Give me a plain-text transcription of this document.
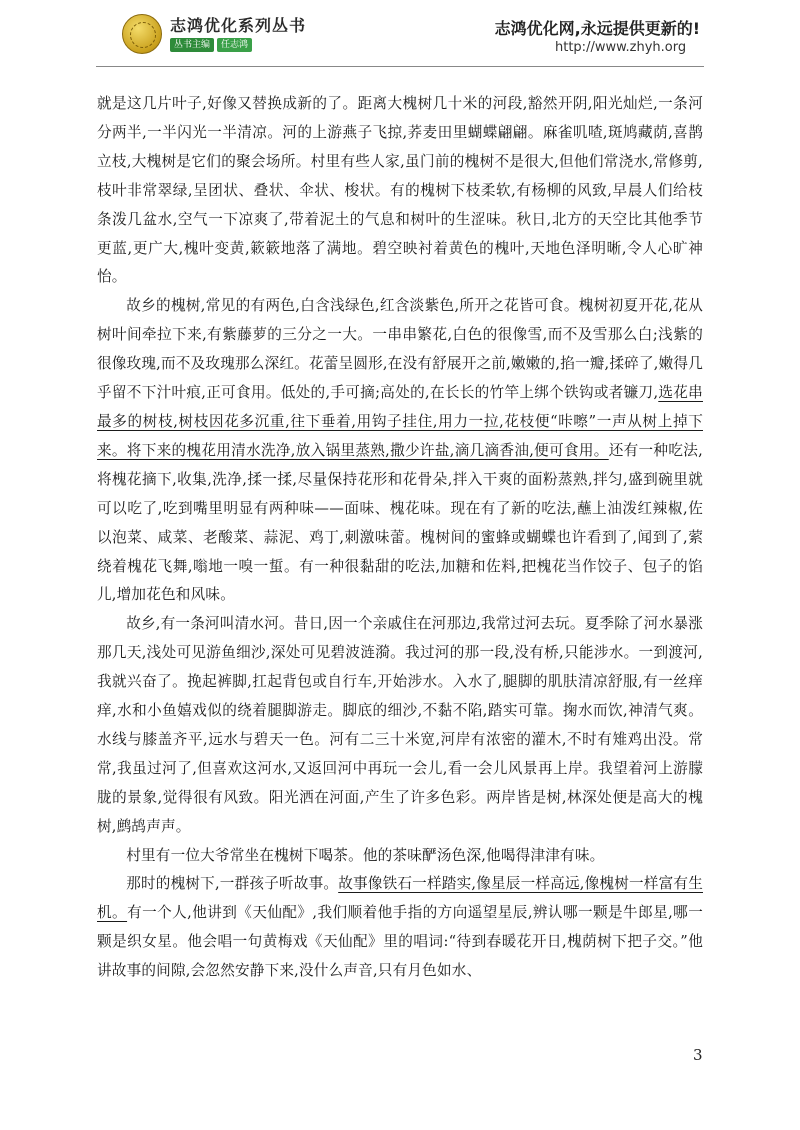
志鸿优化系列丛书
丛书主编	任志鸿
志鸿优化网,永远提供更新的!
http://www.zhyh.org

就是这几片叶子,好像又替换成新的了。距离大槐树几十米的河段,豁然开阴,阳光灿烂,一条河分两半,一半闪光一半清凉。河的上游燕子飞掠,荞麦田里蝴蝶翩翩。麻雀叽喳,斑鸠藏荫,喜鹊立枝,大槐树是它们的聚会场所。村里有些人家,虽门前的槐树不是很大,但他们常浇水,常修剪,枝叶非常翠绿,呈团状、叠状、伞状、梭状。有的槐树下枝柔软,有杨柳的风致,早晨人们给枝条泼几盆水,空气一下凉爽了,带着泥土的气息和树叶的生涩味。秋日,北方的天空比其他季节更蓝,更广大,槐叶变黄,簌簌地落了满地。碧空映衬着黄色的槐叶,天地色泽明晰,令人心旷神怡。

故乡的槐树,常见的有两色,白含浅绿色,红含淡紫色,所开之花皆可食。槐树初夏开花,花从树叶间牵拉下来,有紫藤萝的三分之一大。一串串繁花,白色的很像雪,而不及雪那么白;浅紫的很像玫瑰,而不及玫瑰那么深红。花蕾呈圆形,在没有舒展开之前,嫩嫩的,掐一瓣,揉碎了,嫩得几乎留不下汁叶痕,正可食用。低处的,手可摘;高处的,在长长的竹竿上绑个铁钩或者镰刀,选花串最多的树枝,树枝因花多沉重,往下垂着,用钩子挂住,用力一拉,花枝便“咔嚓”一声从树上掉下来。将下来的槐花用清水洗净,放入锅里蒸熟,撒少许盐,滴几滴香油,便可食用。还有一种吃法,将槐花摘下,收集,洗净,揉一揉,尽量保持花形和花骨朵,拌入干爽的面粉蒸熟,拌匀,盛到碗里就可以吃了,吃到嘴里明显有两种味——面味、槐花味。现在有了新的吃法,蘸上油泼红辣椒,佐以泡菜、咸菜、老酸菜、蒜泥、鸡丁,刺激味蕾。槐树间的蜜蜂或蝴蝶也许看到了,闻到了,萦绕着槐花飞舞,嗡地一嗅一蜇。有一种很黏甜的吃法,加糖和佐料,把槐花当作饺子、包子的馅儿,增加花色和风味。

故乡,有一条河叫清水河。昔日,因一个亲戚住在河那边,我常过河去玩。夏季除了河水暴涨那几天,浅处可见游鱼细沙,深处可见碧波涟漪。我过河的那一段,没有桥,只能涉水。一到渡河,我就兴奋了。挽起裤脚,扛起背包或自行车,开始涉水。入水了,腿脚的肌肤清凉舒服,有一丝痒痒,水和小鱼嬉戏似的绕着腿脚游走。脚底的细沙,不黏不陷,踏实可靠。掬水而饮,神清气爽。水线与膝盖齐平,远水与碧天一色。河有二三十米宽,河岸有浓密的灌木,不时有雉鸡出没。常常,我虽过河了,但喜欢这河水,又返回河中再玩一会儿,看一会儿风景再上岸。我望着河上游朦胧的景象,觉得很有风致。阳光洒在河面,产生了许多色彩。两岸皆是树,林深处便是高大的槐树,鹧鸪声声。

村里有一位大爷常坐在槐树下喝茶。他的茶味酽汤色深,他喝得津津有味。

那时的槐树下,一群孩子听故事。故事像铁石一样踏实,像星辰一样高远,像槐树一样富有生机。有一个人,他讲到《天仙配》,我们顺着他手指的方向遥望星辰,辨认哪一颗是牛郎星,哪一颗是织女星。他会唱一句黄梅戏《天仙配》里的唱词:“待到春暖花开日,槐荫树下把子交。”他讲故事的间隙,会忽然安静下来,没什么声音,只有月色如水、

3
